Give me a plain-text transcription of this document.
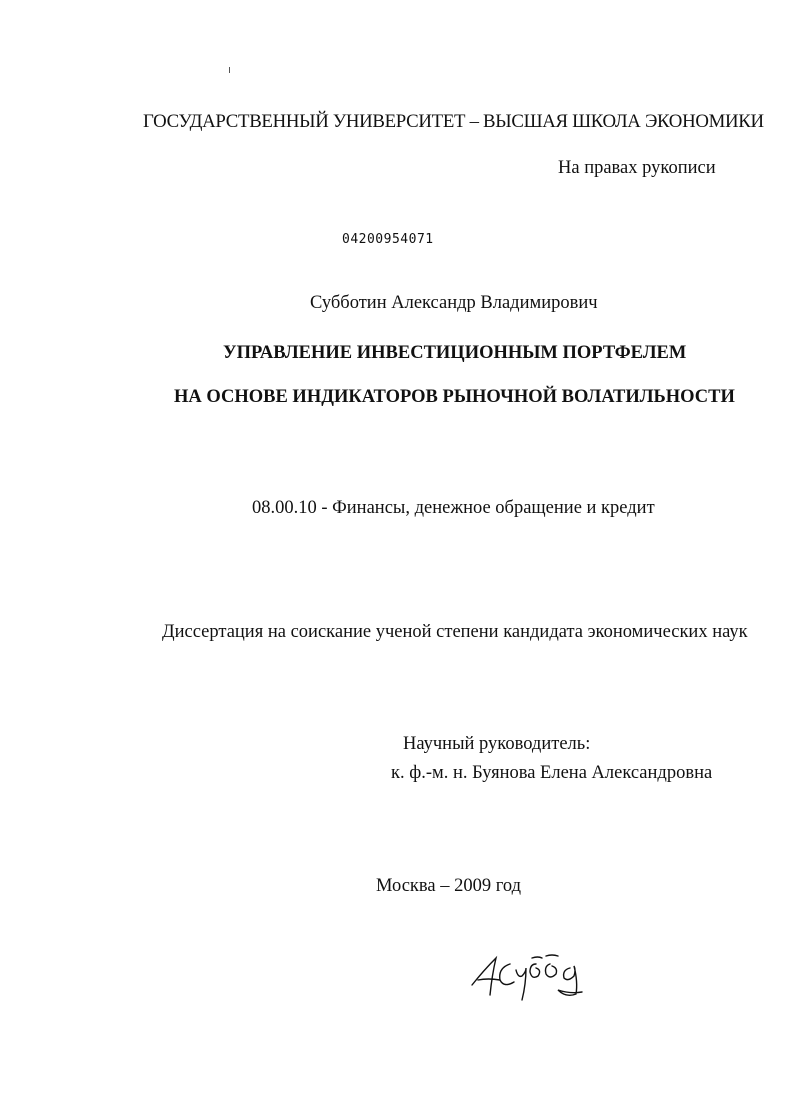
ГОСУДАРСТВЕННЫЙ УНИВЕРСИТЕТ – ВЫСШАЯ ШКОЛА ЭКОНОМИКИ
На правах рукописи
04200954071
Субботин Александр Владимирович
УПРАВЛЕНИЕ ИНВЕСТИЦИОННЫМ ПОРТФЕЛЕМ
НА ОСНОВЕ ИНДИКАТОРОВ РЫНОЧНОЙ ВОЛАТИЛЬНОСТИ
08.00.10 - Финансы, денежное обращение и кредит
Диссертация на соискание ученой степени кандидата экономических наук
Научный руководитель:
к. ф.-м. н. Буянова Елена Александровна
Москва – 2009 год
